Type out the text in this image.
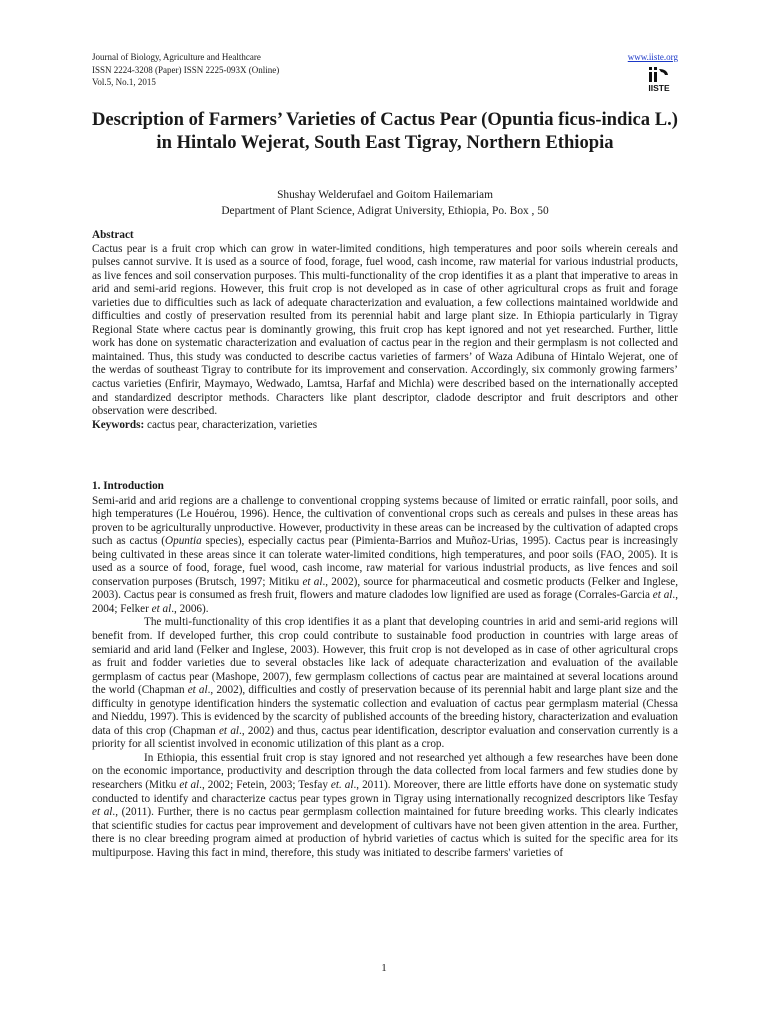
Journal of Biology, Agriculture and Healthcare
ISSN 2224-3208 (Paper) ISSN 2225-093X (Online)
Vol.5, No.1, 2015
www.iiste.org
IISTE
Description of Farmers’ Varieties of Cactus Pear (Opuntia ficus-indica L.) in Hintalo Wejerat, South East Tigray, Northern Ethiopia
Shushay Welderufael and Goitom Hailemariam
Department of Plant Science, Adigrat University, Ethiopia, Po. Box , 50
Abstract

Cactus pear is a fruit crop which can grow in water-limited conditions, high temperatures and poor soils wherein cereals and pulses cannot survive. It is used as a source of food, forage, fuel wood, cash income, raw material for various industrial products, as live fences and soil conservation purposes. This multi-functionality of the crop identifies it as a plant that imperative to areas in arid and semi-arid regions. However, this fruit crop is not developed as in case of other agricultural crops as fruit and forage varieties due to difficulties such as lack of adequate characterization and evaluation, a few collections maintained worldwide and difficulties and costly of preservation resulted from its perennial habit and large plant size. In Ethiopia particularly in Tigray Regional State where cactus pear is dominantly growing, this fruit crop has kept ignored and not yet researched. Further, little work has done on systematic characterization and evaluation of cactus pear in the region and their germplasm is not collected and maintained. Thus, this study was conducted to describe cactus varieties of farmers’ of Waza Adibuna of Hintalo Wejerat, one of the werdas of southeast Tigray to contribute for its improvement and conservation. Accordingly, six commonly growing farmers’ cactus varieties (Enfirir, Maymayo, Wedwado, Lamtsa, Harfaf and Michla) were described based on the internationally accepted and standardized descriptor methods. Characters like plant descriptor, cladode descriptor and fruit descriptors and other observation were described.

Keywords: cactus pear, characterization, varieties

1. Introduction

Semi-arid and arid regions are a challenge to conventional cropping systems because of limited or erratic rainfall, poor soils, and high temperatures (Le Houérou, 1996). Hence, the cultivation of conventional crops such as cereals and pulses in these areas has proven to be agriculturally unproductive. However, productivity in these areas can be increased by the cultivation of adapted crops such as cactus (Opuntia species), especially cactus pear (Pimienta-Barrios and Muñoz-Urias, 1995). Cactus pear is increasingly being cultivated in these areas since it can tolerate water-limited conditions, high temperatures, and poor soils (FAO, 2005). It is used as a source of food, forage, fuel wood, cash income, raw material for various industrial products, as live fences and soil conservation purposes (Brutsch, 1997; Mitiku et al., 2002), source for pharmaceutical and cosmetic products (Felker and Inglese, 2003). Cactus pear is consumed as fresh fruit, flowers and mature cladodes low lignified are used as forage (Corrales-Garcia et al., 2004; Felker et al., 2006).

The multi-functionality of this crop identifies it as a plant that developing countries in arid and semi-arid regions will benefit from. If developed further, this crop could contribute to sustainable food production in countries with large areas of semiarid and arid land (Felker and Inglese, 2003). However, this fruit crop is not developed as in case of other agricultural crops as fruit and fodder varieties due to several obstacles like lack of adequate characterization and evaluation of the available germplasm of cactus pear (Mashope, 2007), few germplasm collections of cactus pear are maintained at several locations around the world (Chapman et al., 2002), difficulties and costly of preservation because of its perennial habit and large plant size and the difficulty in genotype identification hinders the systematic collection and evaluation of cactus pear germplasm material (Chessa and Nieddu, 1997). This is evidenced by the scarcity of published accounts of the breeding history, characterization and evaluation data of this crop (Chapman et al., 2002) and thus, cactus pear identification, descriptor evaluation and conservation currently is a priority for all scientist involved in economic utilization of this plant as a crop.

In Ethiopia, this essential fruit crop is stay ignored and not researched yet although a few researches have been done on the economic importance, productivity and description through the data collected from local farmers and few studies done by researchers (Mitku et al., 2002; Fetein, 2003; Tesfay et. al., 2011). Moreover, there are little efforts have done on systematic study conducted to identify and characterize cactus pear types grown in Tigray using internationally recognized descriptors like Tesfay et al., (2011). Further, there is no cactus pear germplasm collection maintained for future breeding works. This clearly indicates that scientific studies for cactus pear improvement and development of cultivars have not been given attention in the area. Further, there is no clear breeding program aimed at production of hybrid varieties of cactus which is suited for the specific area for its multipurpose. Having this fact in mind, therefore, this study was initiated to describe farmers' varieties of

1
